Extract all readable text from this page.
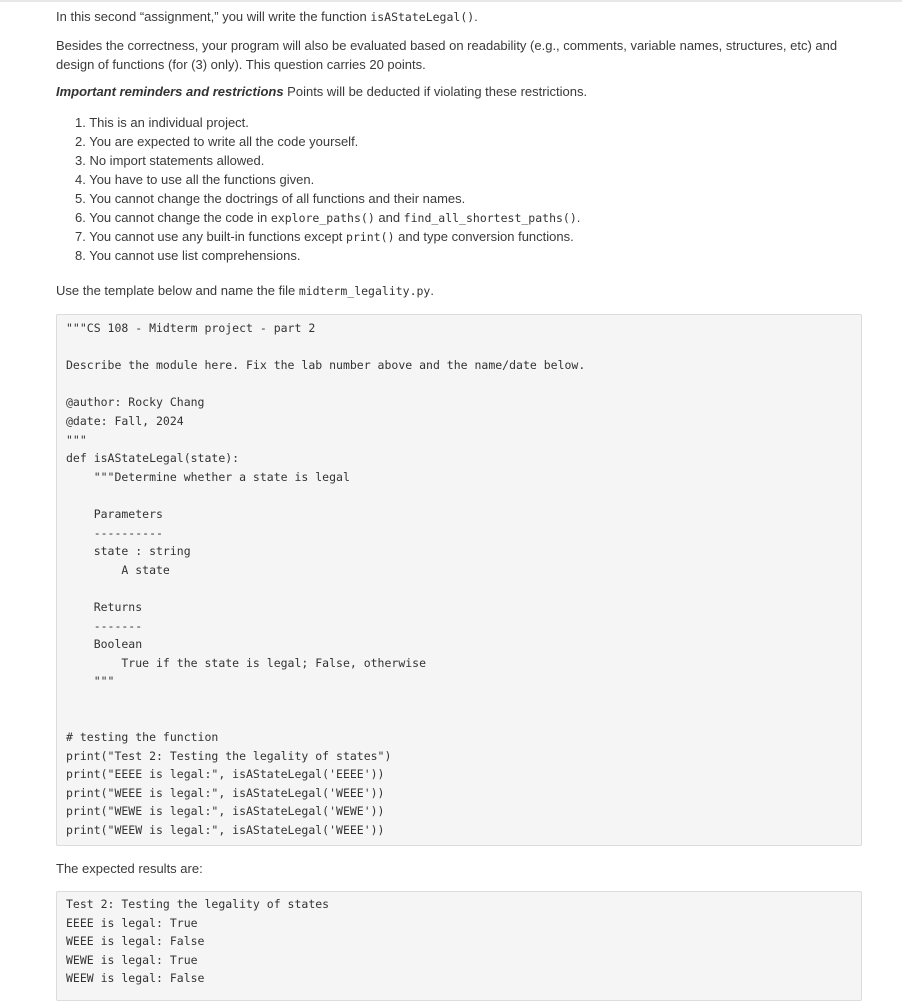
In this second “assignment,” you will write the function isAStateLegal().

Besides the correctness, your program will also be evaluated based on readability (e.g., comments, variable names, structures, etc) and design of functions (for (3) only). This question carries 20 points.

Important reminders and restrictions Points will be deducted if violating these restrictions.

1. This is an individual project.
2. You are expected to write all the code yourself.
3. No import statements allowed.
4. You have to use all the functions given.
5. You cannot change the doctrings of all functions and their names.
6. You cannot change the code in explore_paths() and find_all_shortest_paths().
7. You cannot use any built-in functions except print() and type conversion functions.
8. You cannot use list comprehensions.

Use the template below and name the file midterm_legality.py.

"""CS 108 - Midterm project - part 2

Describe the module here. Fix the lab number above and the name/date below.

@author: Rocky Chang
@date: Fall, 2024
"""
def isAStateLegal(state):
"""Determine whether a state is legal

Parameters
----------
state : string
A state

Returns
-------
Boolean
True if the state is legal; False, otherwise
"""

# testing the function
print("Test 2: Testing the legality of states")
print("EEEE is legal:", isAStateLegal('EEEE'))
print("WEEE is legal:", isAStateLegal('WEEE'))
print("WEWE is legal:", isAStateLegal('WEWE'))
print("WEEW is legal:", isAStateLegal('WEEE'))

The expected results are:

Test 2: Testing the legality of states
EEEE is legal: True
WEEE is legal: False
WEWE is legal: True
WEEW is legal: False
